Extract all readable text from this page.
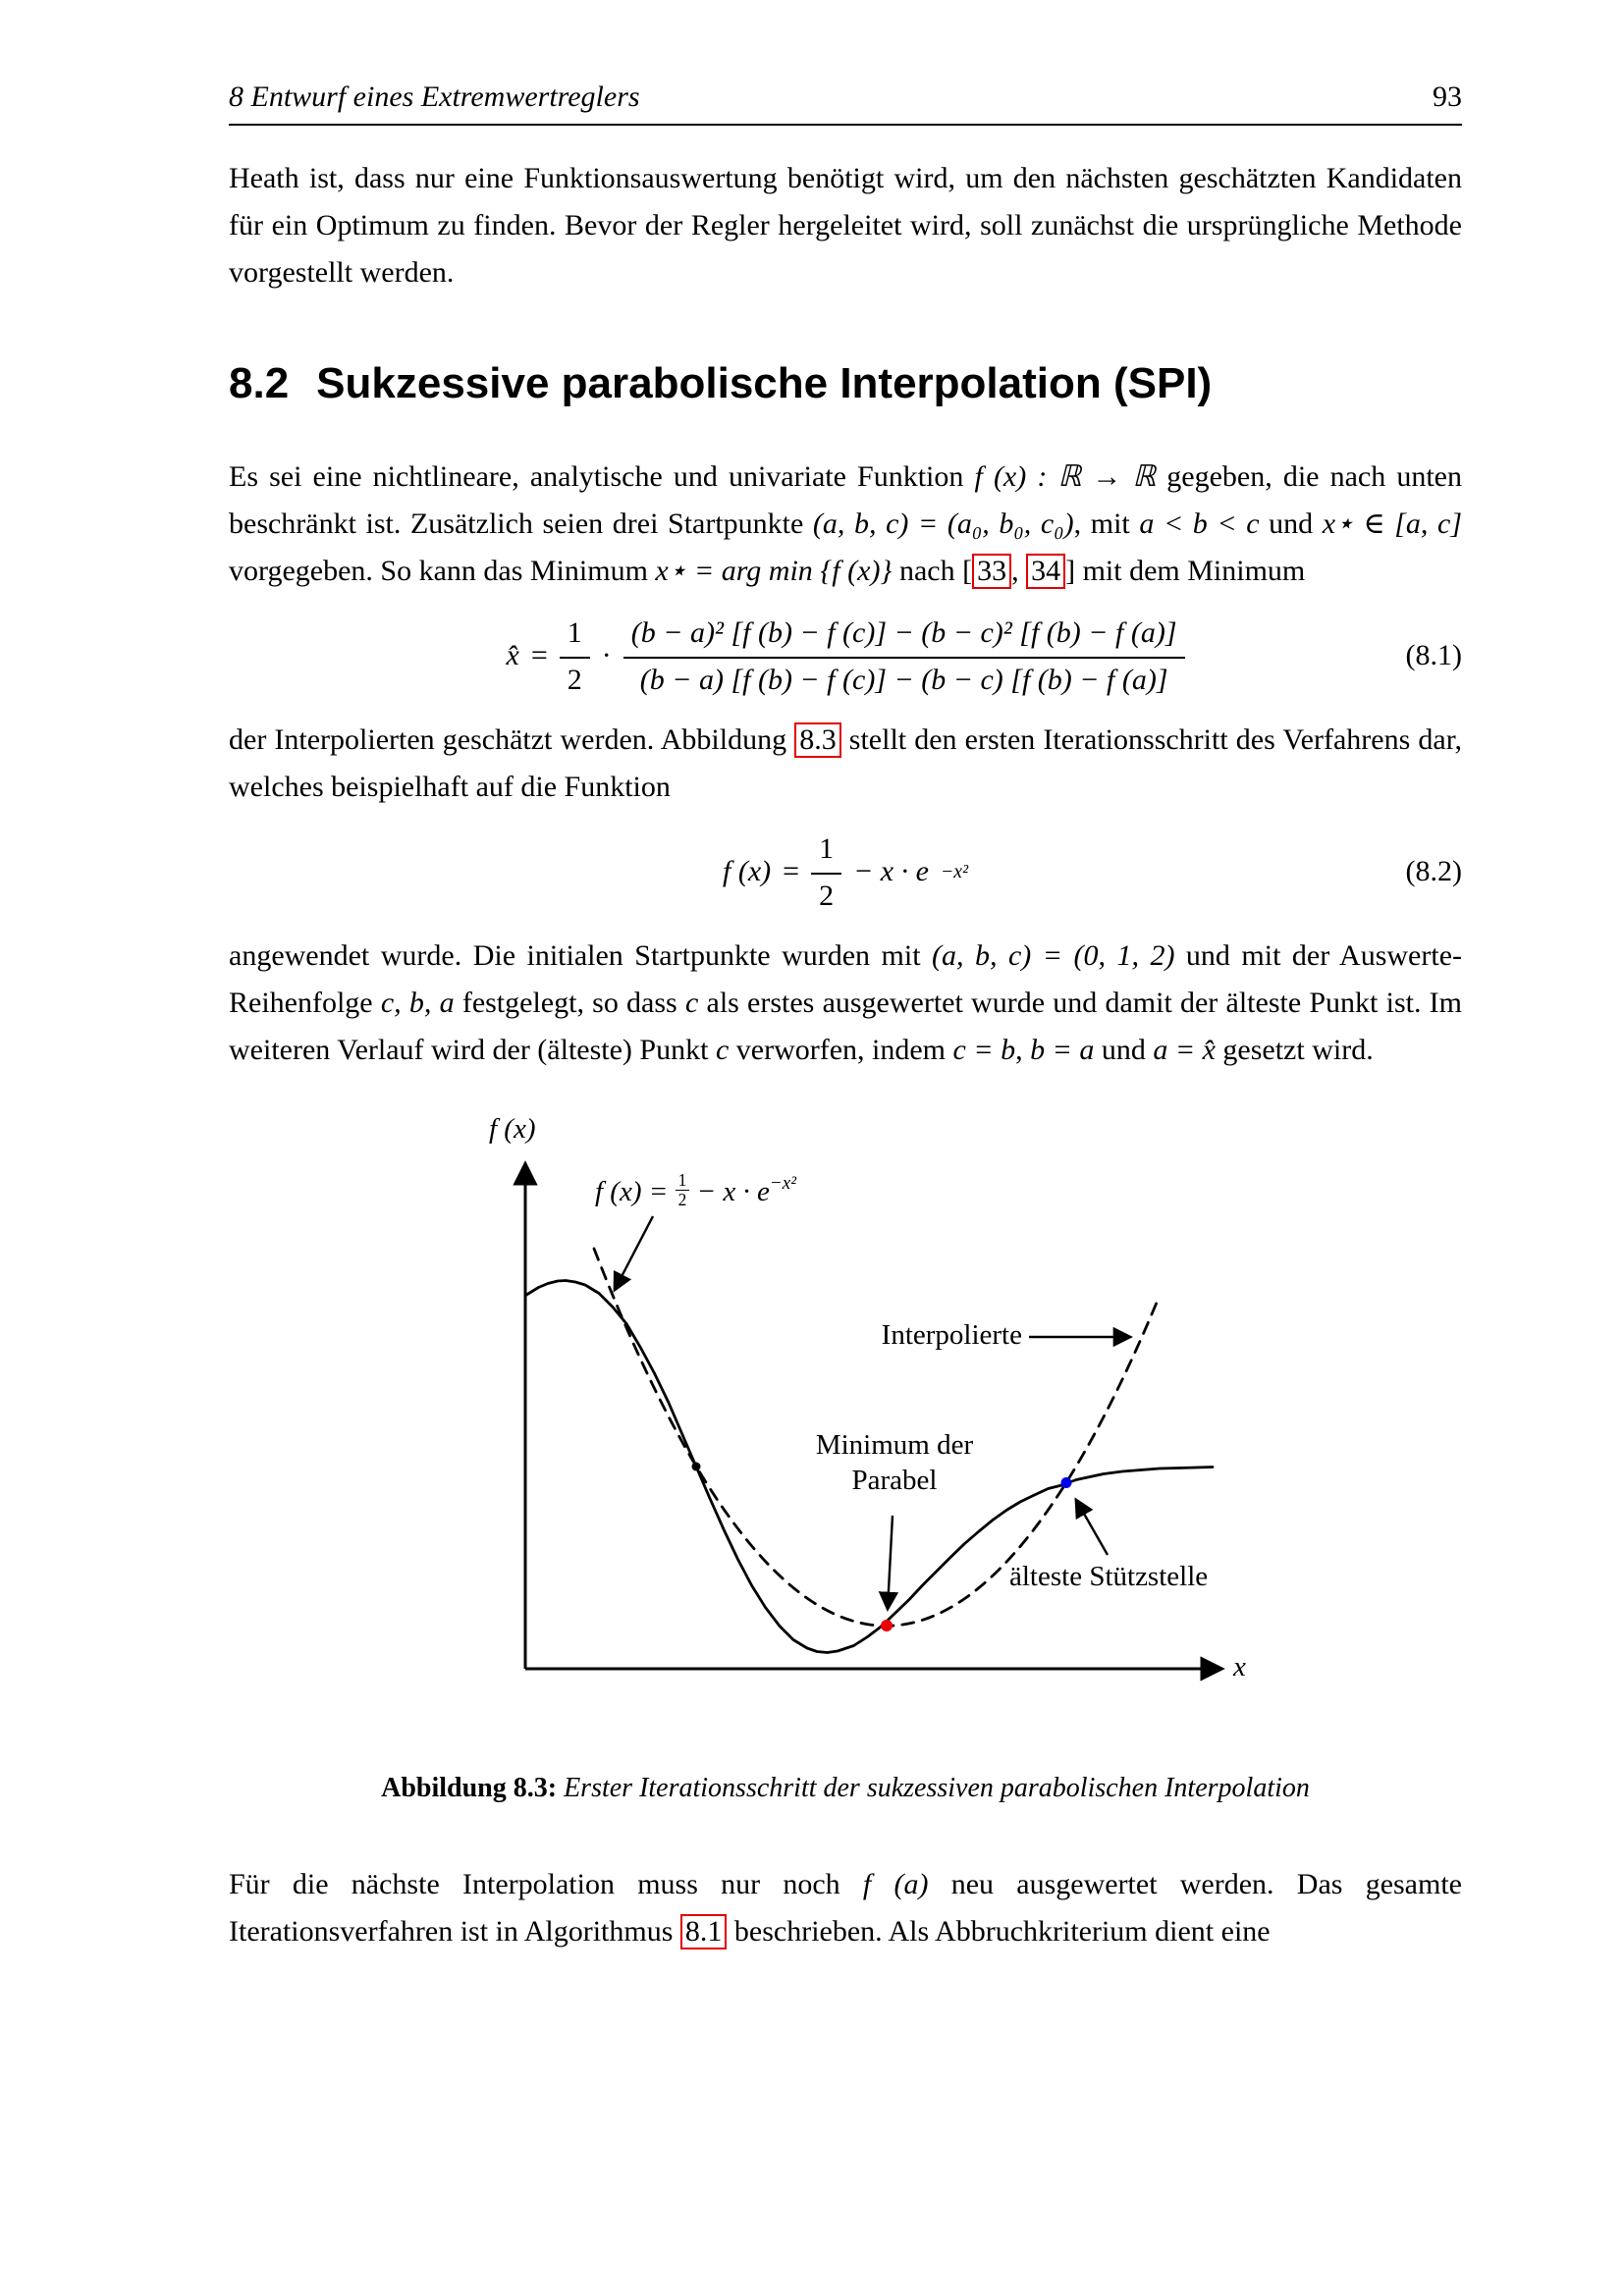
8 Entwurf eines Extremwertreglers	93

Heath ist, dass nur eine Funktionsauswertung benötigt wird, um den nächsten geschätzten Kandidaten für ein Optimum zu finden. Bevor der Regler hergeleitet wird, soll zunächst die ursprüngliche Methode vorgestellt werden.

8.2 Sukzessive parabolische Interpolation (SPI)

Es sei eine nichtlineare, analytische und univariate Funktion f (x) : ℝ → ℝ gegeben, die nach unten beschränkt ist. Zusätzlich seien drei Startpunkte (a, b, c) = (a₀, b₀, c₀), mit a < b < c und x⋆ ∈ [a, c] vorgegeben. So kann das Minimum x⋆ = arg min {f (x)} nach [ 33 , 34 ] mit dem Minimum

x̂ = $\frac{1}{2} \cdot \frac{\text{(b − a)² [f (b) − f (c)] − (b − c)² [f (b) − f (a)]}}{(b - a) [f (b) - f (c)] - (b - c) [f (b) - f (a)]}$	(8.1)

der Interpolierten geschätzt werden. Abbildung 8.3 stellt den ersten Iterationsschritt des Verfahrens dar, welches beispielhaft auf die Funktion

f $(x) = \frac{1}{2} - x \cdot e -x^2$	(8.2)

angewendet wurde. Die initialen Startpunkte wurden mit (a, b, c) = (0, 1, 2) und mit der Auswerte-Reihenfolge c, b, a festgelegt, so dass c als erstes ausgewertet wurde und damit der älteste Punkt ist. Im weiteren Verlauf wird der (älteste) Punkt c verworfen, indem c = b, b = a und a = x̂ gesetzt wird.

f (x)
f $(x) = \frac{1}{2} - x \cdot e^{-x^2}$
Interpolierte
Minimum der
Parabel
älteste Stützstelle
x
Abbildung 8.3: Erster Iterationsschritt der sukzessiven parabolischen Interpolation

Für die nächste Interpolation muss nur noch f (a) neu ausgewertet werden. Das gesamte Iterationsverfahren ist in Algorithmus 8.1 beschrieben. Als Abbruchkriterium dient eine
